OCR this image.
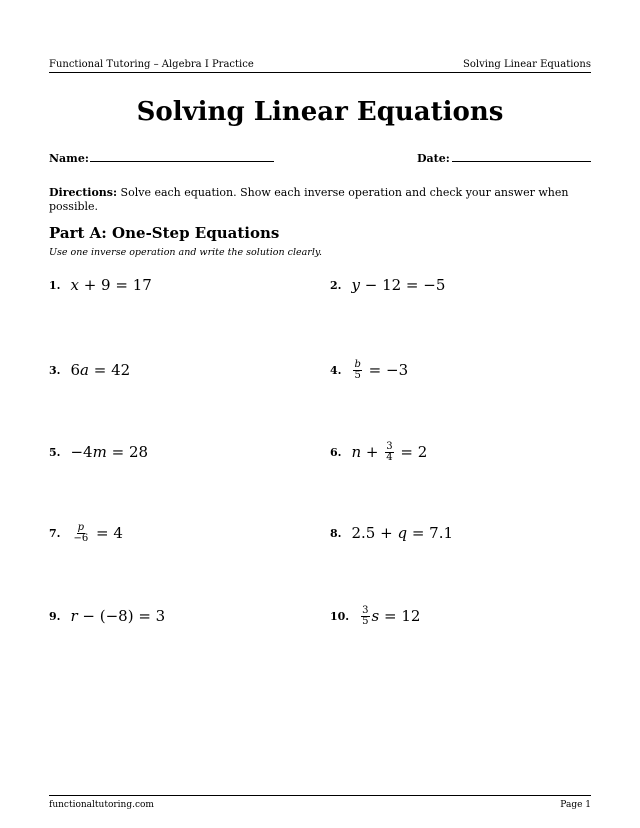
Functional Tutoring – Algebra I Practice	Solving Linear Equations
Solving Linear Equations
Name:	Date:
Directions: Solve each equation. Show each inverse operation and check your answer when possible.
Part A: One-Step Equations
Use one inverse operation and write the solution clearly.
1. x + 9 = 17	2. y − 12 = −5
3. 6 a = 42	4. $\frac{b}{5} = -3$
5. −4 m = 28	6. $n + \frac{3}{4} = 2$
7. $\frac{p}{-6} = 4$	8. 2.5 + q = 7.1
9. r − (−8) = 3	10. $\frac{3}{5}$ s = 12
functionaltutoring.com	Page 1
